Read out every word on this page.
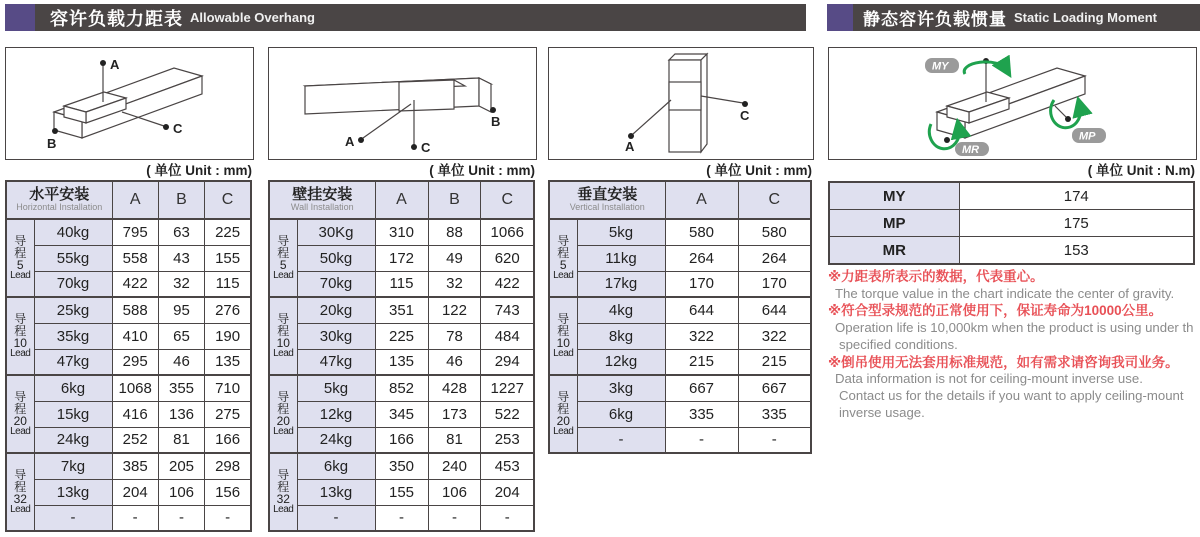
容许负载力距表 Allowable Overhang	静态容许负载惯量 Static Loading Moment
A
C
B	A	C
B
A
C
MY
MP
MR
( 单位 Unit : mm)	( 单位 Unit : mm)	( 单位 Unit : mm)	( 单位 Unit : N.m)
水平安装
Horizontal Installation		A	B	C

导
程
5
Lead	40kg	795	63	225
	55kg	558	43	155
	70kg	422	32	115

导
程
10
Lead	25kg	588	95	276
	35kg	410	65	190
	47kg	295	46	135

导
程
20
Lead	6kg	1068	355	710
	15kg	416	136	275
	24kg	252	81	166

导
程
32
Lead	7kg	385	205	298
	13kg	204	106	156
	-	-	-	-
壁挂安装
Wall Installation		A	B	C

导
程
5
Lead	30Kg	310	88	1066
	50kg	172	49	620
	70kg	115	32	422

导
程
10
Lead	20kg	351	122	743
	30kg	225	78	484
	47kg	135	46	294

导
程
20
Lead	5kg	852	428	1227
	12kg	345	173	522
	24kg	166	81	253

导
程
32
Lead	6kg	350	240	453
	13kg	155	106	204
	-	-	-	-
垂直安装
Vertical Installation		A	C

导
程
5
Lead	5kg	580	580
	11kg	264	264
	17kg	170	170

导
程
10
Lead	4kg	644	644
	8kg	322	322
	12kg	215	215

导
程
20
Lead	3kg	667	667
	6kg	335	335
	-	-	-
MY	174
MP	175
MR	153
※力距表所表示的数据，代表重心。
The torque value in the chart indicate the center of gravity.
※符合型录规范的正常使用下，保证寿命为10000公里。
Operation life is 10,000km when the product is using under th
specified conditions.
※倒吊使用无法套用标准规范，如有需求请咨询我司业务。
Data information is not for ceiling-mount inverse use.
Contact us for the details if you want to apply ceiling-mount
inverse usage.
